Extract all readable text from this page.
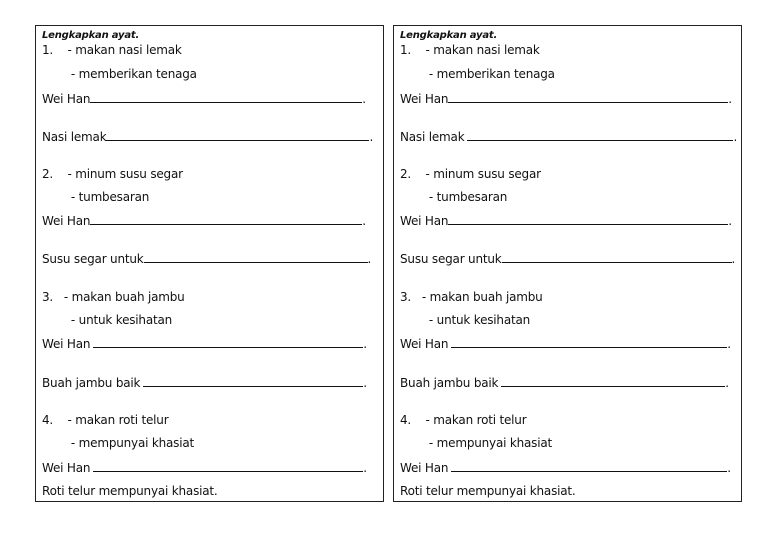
Lengkapkan ayat.
1.    - makan nasi lemak
- memberikan tenaga
Wei Han	.
Nasi lemak	.
2.    - minum susu segar
- tumbesaran
Wei Han	.
Susu segar untuk	.
3.   - makan buah jambu
- untuk kesihatan
Wei Han	.
Buah jambu baik	.
4.    - makan roti telur
- mempunyai khasiat
Wei Han	.
Roti telur mempunyai khasiat.
Lengkapkan ayat.
1.    - makan nasi lemak
- memberikan tenaga
Wei Han	.
Nasi lemak	.
2.    - minum susu segar
- tumbesaran
Wei Han	.
Susu segar untuk	.
3.   - makan buah jambu
- untuk kesihatan
Wei Han	.
Buah jambu baik	.
4.    - makan roti telur
- mempunyai khasiat
Wei Han	.
Roti telur mempunyai khasiat.
